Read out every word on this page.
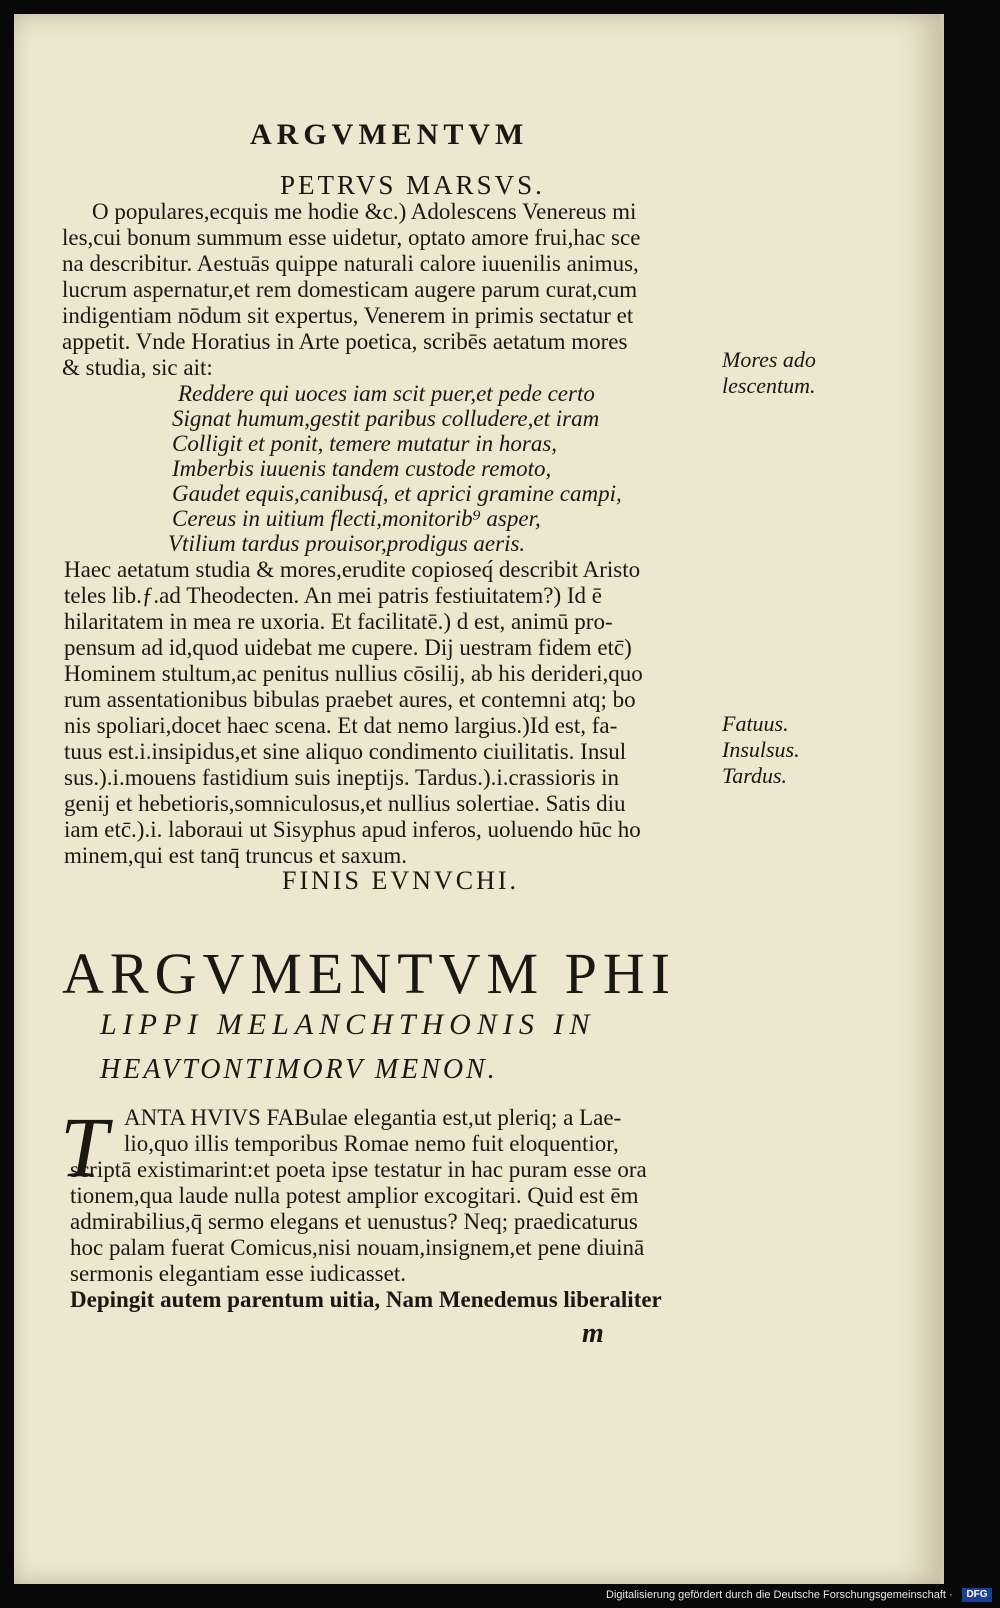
ARGVMENTVM
PETRVS MARSVS.
O populares,ecquis me hodie &c.) Adolescens Venereus mi
les,cui bonum summum esse uidetur, optato amore frui,hac sce
na describitur. Aestuās quippe naturali calore iuuenilis animus,
lucrum aspernatur,et rem domesticam augere parum curat,cum
indigentiam nōdum sit expertus, Venerem in primis sectatur et
appetit. Vnde Horatius in Arte poetica, scribēs aetatum mores
& studia, sic ait:
Reddere qui uoces iam scit puer,et pede certo
Signat humum,gestit paribus colludere,et iram
Colligit et ponit, temere mutatur in horas,
Imberbis iuuenis tandem custode remoto,
Gaudet equis,canibusq́, et aprici gramine campi,
Cereus in uitium flecti,monitorib⁹ asper,
Vtilium tardus prouisor,prodigus aeris.
Haec aetatum studia & mores,erudite copioseq́ describit Aristo
teles lib.ƒ.ad Theodecten. An mei patris festiuitatem?) Id ē
hilaritatem in mea re uxoria. Et facilitatē.) d est, animū pro-
pensum ad id,quod uidebat me cupere. Dij uestram fidem etc̄)
Hominem stultum,ac penitus nullius cōsilij, ab his derideri,quo
rum assentationibus bibulas praebet aures, et contemni atq; bo
nis spoliari,docet haec scena. Et dat nemo largius.)Id est, fa-
tuus est.i.insipidus,et sine aliquo condimento ciuilitatis. Insul
sus.).i.mouens fastidium suis ineptijs. Tardus.).i.crassioris in
genij et hebetioris,somniculosus,et nullius solertiae. Satis diu
iam etc̄.).i. laboraui ut Sisyphus apud inferos, uoluendo hūc ho
minem,qui est tanq̄ truncus et saxum.
FINIS EVNVCHI.
ARGVMENTVM PHI
LIPPI MELANCHTHONIS IN
HEAVTONTIMORV MENON.
T ANTA HVIVS FABulae elegantia est,ut pleriq; a Lae-
lio,quo illis temporibus Romae nemo fuit eloquentior,
scriptā existimarint:et poeta ipse testatur in hac puram esse ora
tionem,qua laude nulla potest amplior excogitari. Quid est ēm
admirabilius,q̄ sermo elegans et uenustus? Neq; praedicaturus
hoc palam fuerat Comicus,nisi nouam,insignem,et pene diuinā
sermonis elegantiam esse iudicasset.
Depingit autem parentum uitia, Nam Menedemus liberaliter
Mores ado
lescentum.
Fatuus.
Insulsus.
Tardus.
m
Digitalisierung gefördert durch die Deutsche Forschungsgemeinschaft ·	DFG
